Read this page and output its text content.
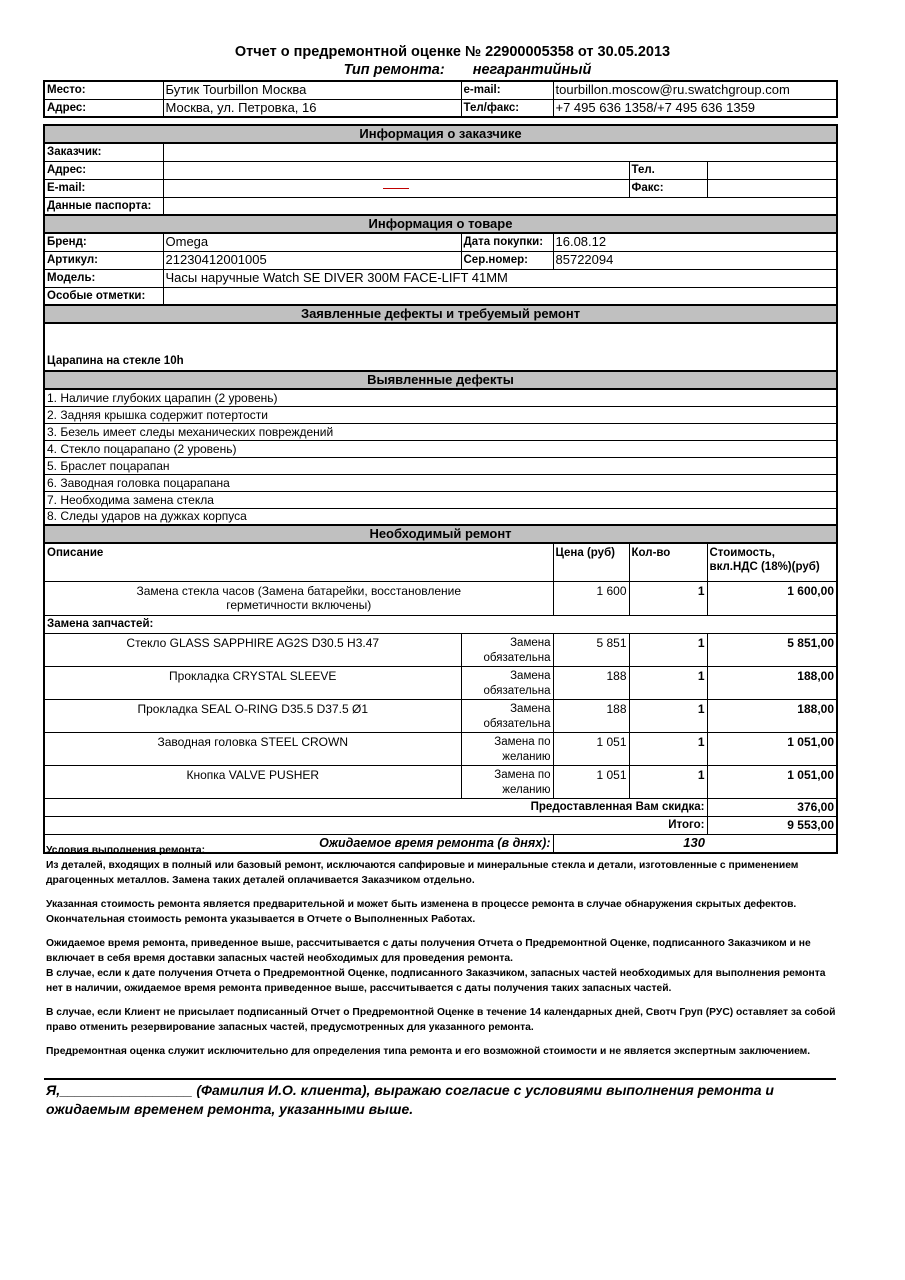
Отчет о предремонтной оценке № 22900005358 от 30.05.2013
Тип ремонта: негарантийный
Место:	Бутик Tourbillon Москва	e-mail:	tourbillon.moscow@ru.swatchgroup.com
Адрес:	Москва, ул. Петровка, 16	Тел/факс:	+7 495 636 1358/+7 495 636 1359
Информация о заказчике					
Заказчик:					
Адрес:				Тел.	
E-mail:				Факс:	
Данные паспорта:					
Информация о товаре					
Бренд:	Omega	Дата покупки:	16.08.12		
Артикул:	21230412001005	Сер.номер:	85722094		
Модель:	Часы наручные Watch SE DIVER 300M FACE-LIFT 41MM				
Особые отметки:					
Заявленные дефекты и требуемый ремонт					
Царапина на стекле 10h					
Выявленные дефекты					
1. Наличие глубоких царапин (2 уровень)					
2. Задняя крышка содержит потертости					
3. Безель имеет следы механических повреждений					
4. Стекло поцарапано (2 уровень)					
5. Браслет поцарапан					
6. Заводная головка поцарапана					
7. Необходима замена стекла					
8. Следы ударов на дужках корпуса					
Необходимый ремонт					
Описание			Цена (руб)	Кол-во	Стоимость,
вкл.НДС (18%)(руб)

Замена стекла часов (Замена батарейки, восстановление
герметичности включены)			1 600	1	1 600,00
Замена запчастей:					
Стекло GLASS SAPPHIRE AG2S D30.5 H3.47		Замена
обязательна	5 851	1	5 851,00
Прокладка CRYSTAL SLEEVE		Замена
обязательна	188	1	188,00
Прокладка SEAL O-RING D35.5 D37.5 Ø1		Замена
обязательна	188	1	188,00
Заводная головка STEEL CROWN		Замена по
желанию	1 051	1	1 051,00
Кнопка VALVE PUSHER		Замена по
желанию	1 051	1	1 051,00
Предоставленная Вам скидка:					376,00
Итого:					9 553,00
Ожидаемое время ремонта (в днях):			130		

Условия выполнения ремонта:

Из деталей, входящих в полный или базовый ремонт, исключаются сапфировые и минеральные стекла и детали, изготовленные с применением драгоценных металлов. Замена таких деталей оплачивается Заказчиком отдельно.

Указанная стоимость ремонта является предварительной и может быть изменена в процессе ремонта в случае обнаружения скрытых дефектов. Окончательная стоимость ремонта указывается в Отчете о Выполненных Работах.

Ожидаемое время ремонта, приведенное выше, рассчитывается с даты получения Отчета о Предремонтной Оценке, подписанного Заказчиком и не включает в себя время доставки запасных частей необходимых для проведения ремонта.

В случае, если к дате получения Отчета о Предремонтной Оценке, подписанного Заказчиком, запасных частей необходимых для выполнения ремонта нет в наличии, ожидаемое время ремонта приведенное выше, рассчитывается с даты получения таких запасных частей.

В случае, если Клиент не присылает подписанный Отчет о Предремонтной Оценке в течение 14 календарных дней, Свотч Груп (РУС) оставляет за собой право отменить резервирование запасных частей, предусмотренных для указанного ремонта.

Предремонтная оценка служит исключительно для определения типа ремонта и его возможной стоимости и не является экспертным заключением.

Я,_________________ (Фамилия И.О. клиента), выражаю согласие с условиями выполнения ремонта и ожидаемым временем ремонта, указанными выше.
